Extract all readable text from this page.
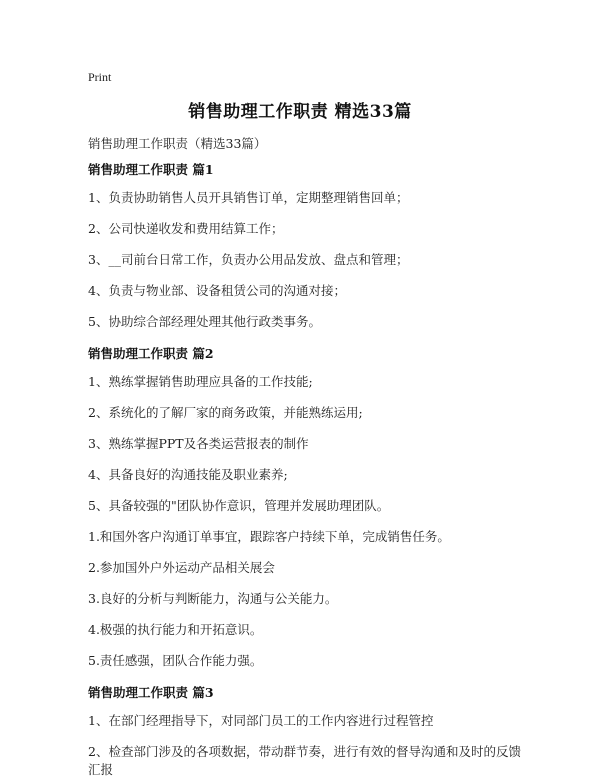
Print
销售助理工作职责 精选33篇
销售助理工作职责（精选33篇）
销售助理工作职责 篇1
1、负责协助销售人员开具销售订单，定期整理销售回单；
2、公司快递收发和费用结算工作；
3、__司前台日常工作，负责办公用品发放、盘点和管理；
4、负责与物业部、设备租赁公司的沟通对接；
5、协助综合部经理处理其他行政类事务。
销售助理工作职责 篇2
1、熟练掌握销售助理应具备的工作技能;
2、系统化的了解厂家的商务政策，并能熟练运用;
3、熟练掌握PPT及各类运营报表的制作
4、具备良好的沟通技能及职业素养;
5、具备较强的"团队协作意识，管理并发展助理团队。
1.和国外客户沟通订单事宜，跟踪客户持续下单，完成销售任务。
2.参加国外户外运动产品相关展会
3.良好的分析与判断能力，沟通与公关能力。
4.极强的执行能力和开拓意识。
5.责任感强，团队合作能力强。
销售助理工作职责 篇3
1、在部门经理指导下，对同部门员工的工作内容进行过程管控
2、检查部门涉及的各项数据，带动群节奏，进行有效的督导沟通和及时的反馈汇报
